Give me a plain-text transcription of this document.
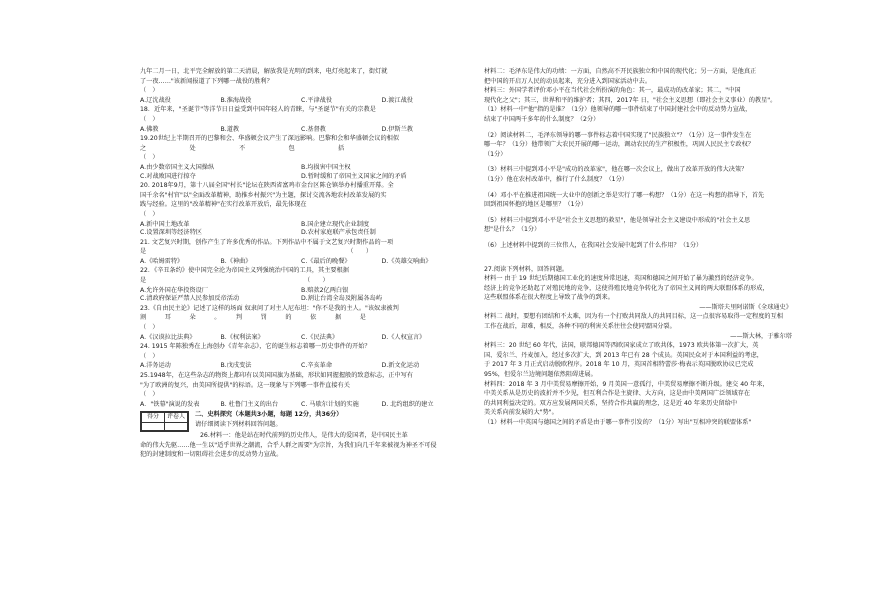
九年二月一日，北平完全解放的第二天清晨，解放我是光明的到来，电灯亮起来了，街灯就

了一夜……"该新闻报道了下列哪一战役的胜利？

（　）

A.辽沈战役	B.淮海战役	C.平津战役	D.渡江战役

18．近年来，"圣诞节"等洋节日日益受到中国年轻人的青睐，与"圣诞节"有关的宗教是

（　）

A.佛教	B.道教	C.基督教	D.伊斯兰教

19.20世纪上半期召开的巴黎和会、华盛顿会议产生了深远影响。巴黎和会和华盛顿会议的相似

之　　　　　　　处　　　　　　　不　　　　　　　包　　　　　　　括

（　）

A.由少数帝国主义大国操纵	B.均损害中国主权
C.对战败国进行掠夺	D.暂时缓和了帝国主义国家之间的矛盾

20. 2018年9月，第十八届全国"村长"论坛在陕西省富鸡市金台区陈仓镇举办村播重开幕。全

国千余名"村官"以"全面改革精神，助推乡村振兴"为主题，探讨交流各地农村改革发展的实

践与经验。这里的"改革精神"在实行改革开放后，最先体现在

（　）

A.新中国土地改革	B.国企建立现代企业制度
C.设置深圳等经济特区	D.农村家庭联产承包责任制

21. 文艺复兴时期，创作产生了许多优秀的作品。下列作品中不属于文艺复兴时期作品的一项

是　　　　　　　　　　　　　　　　　　　　　　　　　　　　　　　　　（　　）

A.《哈姆雷特》	B.《神曲》	C.《最后的晚餐》	D.《英雄交响曲》

22．《辛丑条约》使中国完全沦为帝国主义列强统治中国的工具，其主要根据

是　　　　　　　　　　　　　　　　　　　　　　　　　　（　　）

A.允许外国在华投资设厂	B.赔款2亿两白银
C.清政府保证严禁人民参加反帝活动	D.割让台湾全岛及附属各岛屿

23.《自由民主论》记述了这样的场面 奴隶问了对主人尼布坦："你不是我的主人。"该奴隶被判

割　　　耳　　　朵　　　。　　　判　　　罚　　　的　　　依　　　据　　　是

（　）

A.《汉谟拉比法典》	B.《权利法案》	C.《民法典》	D.《人权宣言》

24. 1915 年陈独秀在上海创办《青年杂志》，它的诞生标志着哪一历史事件的开始？

（　）

A.洋务运动	B.戊戌变法	C.辛亥革命	D.新文化运动

25.1948年，在这些杂志的物资上都印有以美国国旗为基础，形状如同握握般的致意标志，正中写有

"为了欧洲的复兴，由美国所提供"的标语。这一现象与下列哪一事件直接有关

（　）

A．"铁幕"演说的发表	B. 杜鲁门主义的出台	C. 马歇尔计划的实施	D. 北约组织的建立
得分	评卷人
	二、史料探究（本题共3小题，每题 12分，共36分）

请仔细阅读下列材料回答问题。

26.材料一：他是站在时代前列的历史伟人，是伟大的爱国者，是中国民主革

命的伟大先驱……他一生以"适乎世界之潮流，合乎人群之需要"为宗旨，为我们向几千年来被视为神圣不可侵

犯的封建制度和一切阻碍社会进步的反动势力宣战。

材料二：毛泽东是伟大的功绩：一方面，自然高不开民族独立和中国的现代化；另一方面，是他真正

把中国的开启万人民的动员起来，充分进入到国家活动中去。

材料三：外国学者评价邓小平在当代社会所扮演的角色：其一，最成功的改革家；其二，"中国

现代化之父"；其三，世界和平的维护者；其四，2017年 日，"社会主义思想（即社会主义事业）的教星"。

（1）材料一中"他"指的是谁？（1分）他领导的哪一事件结束了中国封建社会中的反动势力宣战，

结束了中国两千多年的什么制度？（2分）

（2）阅读材料二，毛泽东领导的哪一事件标志着中国实现了"民族独立"？（1分）这一事件发生在

哪一年？（1分）他带领广大农民开展的哪一运动，调动农民的生产积极性，巩固人民民主专政权？

（1分）

（3）材料三中提到邓小平是"成功的改革家"，他在哪一次会议上，做出了改革开放的伟大决策？

（1分）他在农村改革中，推行了什么制度？（1分）

（4）邓小平在推进祖国统一大业中的创新之举是实行了哪一构想？（1分）在这一构想的指导下，首先

回到祖国怀抱的地区是哪里？（1分）

（5）材料三中提到邓小平是"社会主义思想的救星"，他是领导社会主义建设中形成的"社会主义思

想"是什么？（1分）

（6）上述材料中提到的三位伟人，在我国社会发展中起到了什么作用？（1分）

27.阅读下列材料，回答问题。

材料一 由于 19 世纪后期德国工业化的速度异常迅速，英国和德国之间开始了暴为激烈的经济竞争。

经济上的竞争还助起了对殖民地的竞争，这使得殖民地竞争转化为了帝国主义间的两大联盟体系的形成，

这些联盟体系在很大程度上导致了战争的到来。

——斯塔夫里阿诺斯《全球通史》

材料二 战时，要想有团结和不太难，因为有一个打败共同敌人的共同目标，这一点很容易取得一定程度的互相

工作在战后，却难，相反，各种不同的利害关系往往会使同盟国分裂。

——斯大林，于雅尔塔

材料三：20 世纪 60 年代，法国，联邦德国等西欧国家成立了欧共体，1973 欧共体第一次扩大，英

国、爱尔兰、丹麦加入，经过多次扩大，到 2013 年已有 28 个成员。英国民众对于本国利益的考虑，

于 2017 年 3 月正式启动脱欧程序。2018 年 10 月，英国首相特蕾莎·梅表示英国脱欧协议已完成

95%，但爱尔兰边境问题依然阻碍进展。

材料四：2018 年 3 月中美贸易摩擦开始，9 月美国一意孤行，中美贸易摩擦不断升级。建交 40 年来，

中美关系从是历史的波折并不少见，但互利合作是主旋律、大方向，这是由中美两国广泛领域存在

的共同利益决定的。双方应发展两国关系，坚持合作共赢的理念，这是近 40 年来历史留给中

美关系向前发展的大"势"。

（1）材料一中英国与德国之间的矛盾是由于哪一事件引发的？（1分）写出"互相冲突的联盟体系"
